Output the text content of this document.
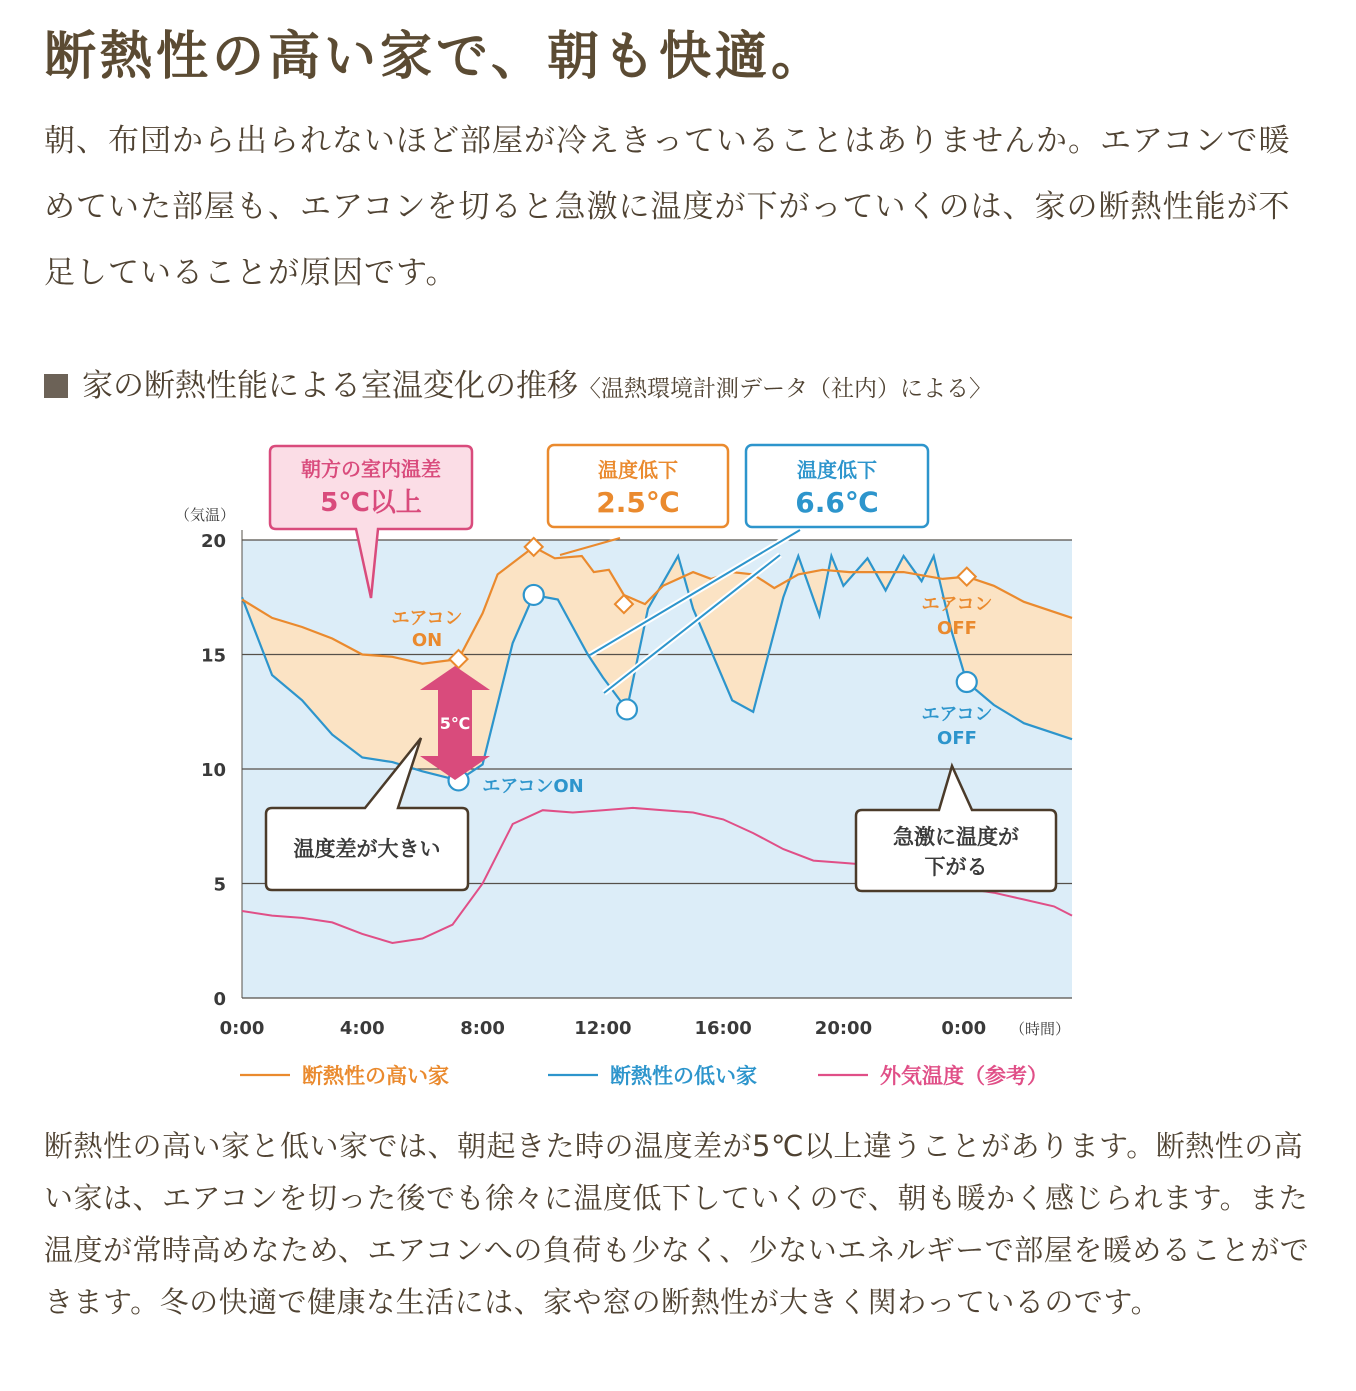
断熱性の高い家で、朝も快適。

朝、布団から出られないほど部屋が冷えきっていることはありませんか。エアコンで暖めていた部屋も、エアコンを切ると急激に温度が下がっていくのは、家の断熱性能が不足していることが原因です。

家の断熱性能による室温変化の推移〈温熱環境計測データ（社内）による〉
0
5
10
15
20
（気温）
0:00	4:00	8:00	12:00	16:00	20:00	0:00 （時間）
エアコン
ON
エアコン
OFF
エアコン
OFF
エアコンON
5℃
朝方の室内温差
5℃以上
温度低下
2.5℃
温度低下
6.6℃
温度差が大きい	急激に温度が
下がる
断熱性の高い家	断熱性の低い家	外気温度（参考）

断熱性の高い家と低い家では、朝起きた時の温度差が5℃以上違うことがあります。断熱性の高い家は、エアコンを切った後でも徐々に温度低下していくので、朝も暖かく感じられます。また温度が常時高めなため、エアコンへの負荷も少なく、少ないエネルギーで部屋を暖めることができます。冬の快適で健康な生活には、家や窓の断熱性が大きく関わっているのです。
